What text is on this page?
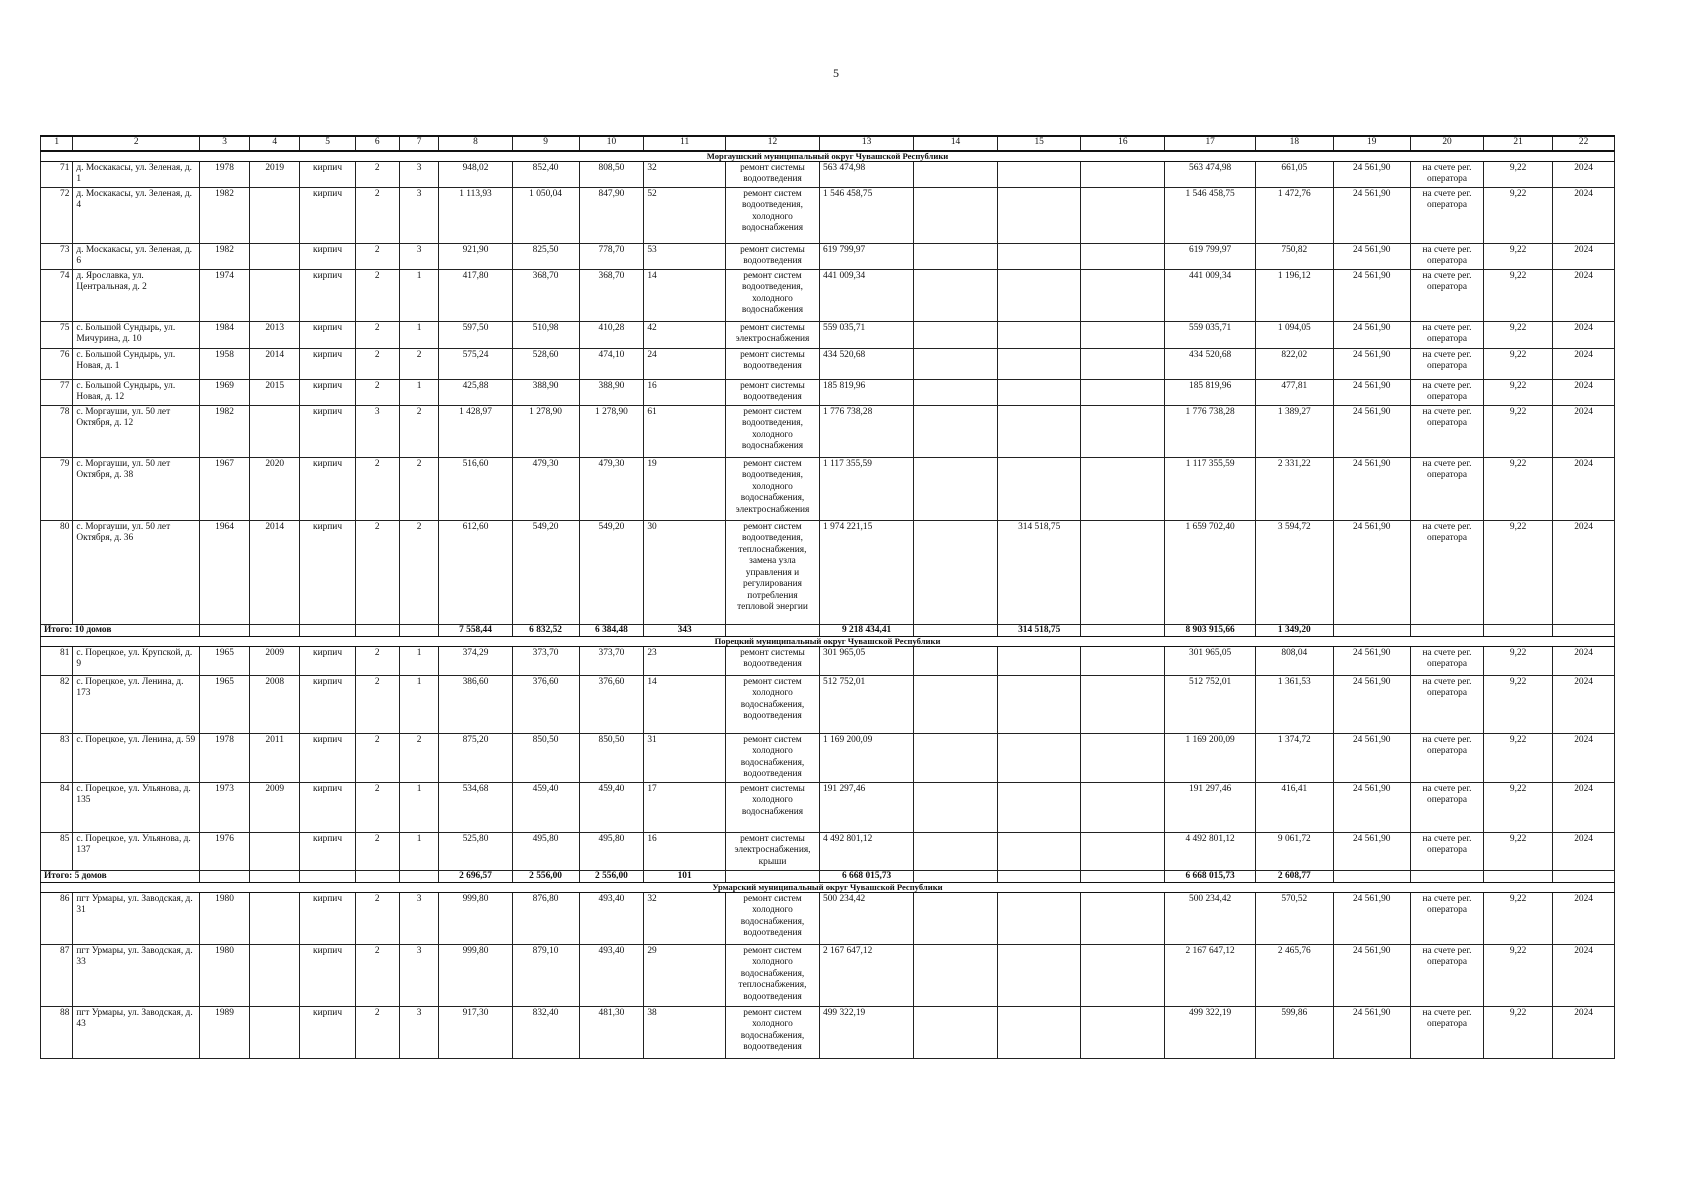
5
1	2	3	4	5	6	7	8	9	10	11	12	13	14	15	16	17	18	19	20	21	22
Моргаушский муниципальный округ Чувашской Республики																					
71	д. Москакасы, ул. Зеленая, д. 1	1978	2019	кирпич	2	3	948,02	852,40	808,50	32	ремонт системы водоотведения	563 474,98				563 474,98	661,05	24 561,90	на счете рег. оператора	9,22	2024
72	д. Москакасы, ул. Зеленая, д. 4	1982		кирпич	2	3	1 113,93	1 050,04	847,90	52	ремонт систем водоотведения, холодного водоснабжения	1 546 458,75				1 546 458,75	1 472,76	24 561,90	на счете рег. оператора	9,22	2024
73	д. Москакасы, ул. Зеленая, д. 6	1982		кирпич	2	3	921,90	825,50	778,70	53	ремонт системы водоотведения	619 799,97				619 799,97	750,82	24 561,90	на счете рег. оператора	9,22	2024
74	д. Ярославка, ул. Центральная, д. 2	1974		кирпич	2	1	417,80	368,70	368,70	14	ремонт систем водоотведения, холодного водоснабжения	441 009,34				441 009,34	1 196,12	24 561,90	на счете рег. оператора	9,22	2024
75	с. Большой Сундырь, ул. Мичурина, д. 10	1984	2013	кирпич	2	1	597,50	510,98	410,28	42	ремонт системы электроснабжения	559 035,71				559 035,71	1 094,05	24 561,90	на счете рег. оператора	9,22	2024
76	с. Большой Сундырь, ул. Новая, д. 1	1958	2014	кирпич	2	2	575,24	528,60	474,10	24	ремонт системы водоотведения	434 520,68				434 520,68	822,02	24 561,90	на счете рег. оператора	9,22	2024
77	с. Большой Сундырь, ул. Новая, д. 12	1969	2015	кирпич	2	1	425,88	388,90	388,90	16	ремонт системы водоотведения	185 819,96				185 819,96	477,81	24 561,90	на счете рег. оператора	9,22	2024
78	с. Моргауши, ул. 50 лет Октября, д. 12	1982		кирпич	3	2	1 428,97	1 278,90	1 278,90	61	ремонт систем водоотведения, холодного водоснабжения	1 776 738,28				1 776 738,28	1 389,27	24 561,90	на счете рег. оператора	9,22	2024
79	с. Моргауши, ул. 50 лет Октября, д. 38	1967	2020	кирпич	2	2	516,60	479,30	479,30	19	ремонт систем водоотведения, холодного водоснабжения, электроснабжения	1 117 355,59				1 117 355,59	2 331,22	24 561,90	на счете рег. оператора	9,22	2024
80	с. Моргауши, ул. 50 лет Октября, д. 36	1964	2014	кирпич	2	2	612,60	549,20	549,20	30	ремонт систем водоотведения, теплоснабжения, замена узла управления и регулирования потребления тепловой энергии	1 974 221,15		314 518,75		1 659 702,40	3 594,72	24 561,90	на счете рег. оператора	9,22	2024
Итого: 10 домов							7 558,44	6 832,52	6 384,48	343		9 218 434,41		314 518,75		8 903 915,66	1 349,20				
Порецкий муниципальный округ Чувашской Республики																					
81	с. Порецкое, ул. Крупской, д. 9	1965	2009	кирпич	2	1	374,29	373,70	373,70	23	ремонт системы водоотведения	301 965,05				301 965,05	808,04	24 561,90	на счете рег. оператора	9,22	2024
82	с. Порецкое, ул. Ленина, д. 173	1965	2008	кирпич	2	1	386,60	376,60	376,60	14	ремонт систем холодного водоснабжения, водоотведения	512 752,01				512 752,01	1 361,53	24 561,90	на счете рег. оператора	9,22	2024
83	с. Порецкое, ул. Ленина, д. 59	1978	2011	кирпич	2	2	875,20	850,50	850,50	31	ремонт систем холодного водоснабжения, водоотведения	1 169 200,09				1 169 200,09	1 374,72	24 561,90	на счете рег. оператора	9,22	2024
84	с. Порецкое, ул. Ульянова, д. 135	1973	2009	кирпич	2	1	534,68	459,40	459,40	17	ремонт системы холодного водоснабжения	191 297,46				191 297,46	416,41	24 561,90	на счете рег. оператора	9,22	2024
85	с. Порецкое, ул. Ульянова, д. 137	1976		кирпич	2	1	525,80	495,80	495,80	16	ремонт системы электроснабжения, крыши	4 492 801,12				4 492 801,12	9 061,72	24 561,90	на счете рег. оператора	9,22	2024
Итого: 5 домов							2 696,57	2 556,00	2 556,00	101		6 668 015,73				6 668 015,73	2 608,77				
Урмарский муниципальный округ Чувашской Республики																					
86	пгт Урмары, ул. Заводская, д. 31	1980		кирпич	2	3	999,80	876,80	493,40	32	ремонт систем холодного водоснабжения, водоотведения	500 234,42				500 234,42	570,52	24 561,90	на счете рег. оператора	9,22	2024
87	пгт Урмары, ул. Заводская, д. 33	1980		кирпич	2	3	999,80	879,10	493,40	29	ремонт систем холодного водоснабжения, теплоснабжения, водоотведения	2 167 647,12				2 167 647,12	2 465,76	24 561,90	на счете рег. оператора	9,22	2024
88	пгт Урмары, ул. Заводская, д. 43	1989		кирпич	2	3	917,30	832,40	481,30	38	ремонт систем холодного водоснабжения, водоотведения	499 322,19				499 322,19	599,86	24 561,90	на счете рег. оператора	9,22	2024
